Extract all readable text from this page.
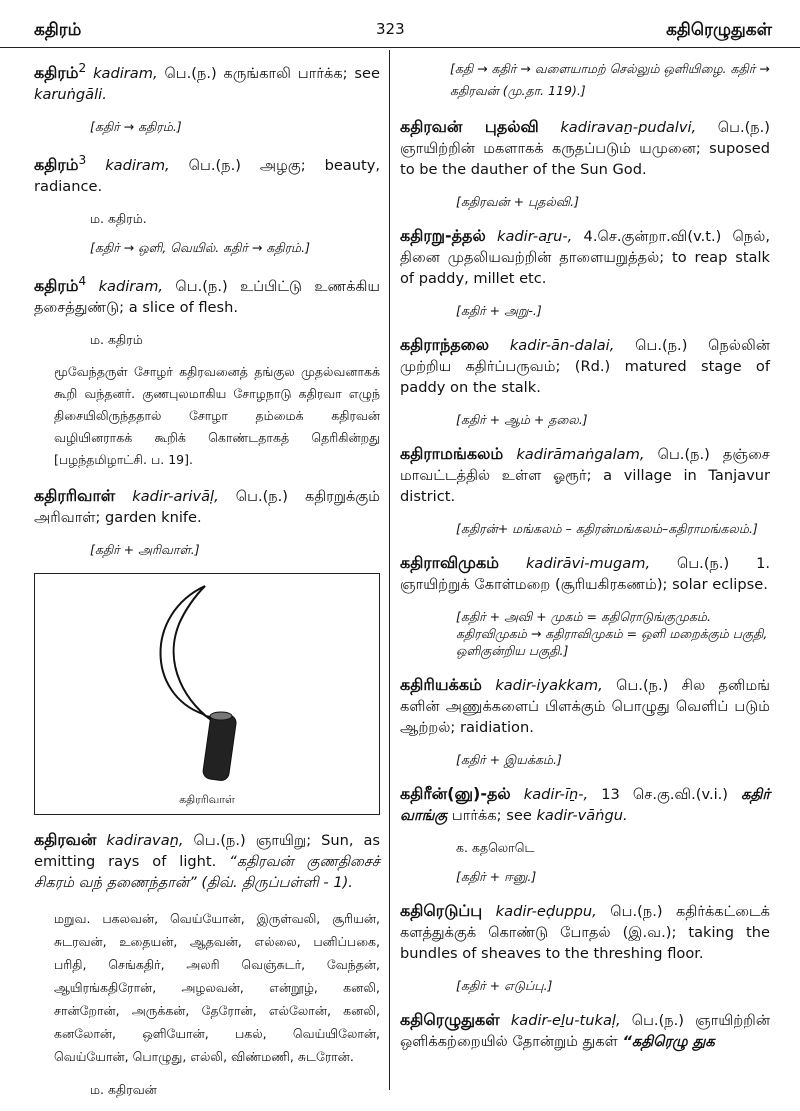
கதிரம்	323	கதிரெழுதுகள்
கதிரம்$^2$ kadiram, பெ.(ந.) கருங்காலி பார்க்க; see karuṅgāli.
[கதிர் → கதிரம்.]
கதிரம்$^3$ kadiram, பெ.(ந.) அழகு; beauty, radiance.
ம. கதிரம்.
[கதிர் → ஒளி, வெயில். கதிர் → கதிரம்.]
கதிரம்$^4$ kadiram, பெ.(ந.) உப்பிட்டு உணக்கிய தசைத்துண்டு; a slice of flesh.
ம. கதிரம்
மூவேந்தருள் சோழர் கதிரவனைத் தங்குல முதல்வனாகக் கூறி வந்தனர். குணபுலமாகிய சோழநாடு கதிரவா எழுந் திசையிலிருந்ததால் சோழா தம்மைக் கதிரவன் வழியினராகக் கூறிக் கொண்டதாகத் தெரிகின்றது [பழந்தமிழாட்சி. ப. 19].
கதிரரிவாள் kadir-arivāḷ, பெ.(ந.) கதிரறுக்கும் அரிவாள்; garden knife.
[கதிர் + அரிவாள்.]
கதிரரிவாள்
கதிரவன் kadiravaṉ, பெ.(ந.) ஞாயிறு; Sun, as emitting rays of light. “கதிரவன் குணதிசைச் சிகரம் வந் தணைந்தான்” (திவ். திருப்பள்ளி - 1).
மறுவ. பகலவன், வெய்யோன், இருள்வலி, சூரியன், சுடரவன், உதையன், ஆதவன், எல்லை, பனிப்பகை, பரிதி, செங்கதிர், அலரி வெஞ்சுடர், வேந்தன், ஆயிரங்கதிரோன், அழலவன், என்றூழ், கனலி, சான்றோன், அருக்கன், தேரோன், எல்லோன், கனலி, கனலோன், ஒளியோன், பகல், வெய்யிலோன், வெய்யோன், பொழுது, எல்லி, விண்மணி, சுடரோன்.
ம. கதிரவன்
[கதி → கதிர் → வளையாமற் செல்லும் ஒளியிழை. கதிர் → கதிரவன் (மு.தா. 119).]
கதிரவன் புதல்வி kadiravaṉ-pudalvi, பெ.(ந.) ஞாயிற்றின் மகளாகக் கருதப்படும் யமுனை; suposed to be the dauther of the Sun God.
[கதிரவன் + புதல்வி.]
கதிரறு-த்தல் kadir-aṟu-, 4.செ.குன்றா.வி(v.t.) நெல், தினை முதலியவற்றின் தாளையறுத்தல்; to reap stalk of paddy, millet etc.
[கதிர் + அறு-.]
கதிராந்தலை kadir-ān-dalai, பெ.(ந.) நெல்லின் முற்றிய கதிர்ப்பருவம்; (Rd.) matured stage of paddy on the stalk.
[கதிர் + ஆம் + தலை.]
கதிராமங்கலம் kadirāmaṅgalam, பெ.(ந.) தஞ்சை மாவட்டத்தில் உள்ள ஓரூர்; a village in Tanjavur district.
[கதிரன்+ மங்கலம் – கதிரன்மங்கலம்–கதிராமங்கலம்.]
கதிராவிமுகம் kadirāvi-mugam, பெ.(ந.) 1. ஞாயிற்றுக் கோள்மறை (சூரியகிரகணம்); solar eclipse.
[கதிர் + அவி + முகம் = கதிரொடுங்குமுகம். கதிரவிமுகம் → கதிராவிமுகம் = ஒளி மறைக்கும் பகுதி, ஒளிகுன்றிய பகுதி.]
கதிரியக்கம் kadir-iyakkam, பெ.(ந.) சில தனிமங் களின் அணுக்களைப் பிளக்கும் பொழுது வெளிப் படும் ஆற்றல்; raidiation.
[கதிர் + இயக்கம்.]
கதிரீன்(னு)-தல் kadir-īṉ-, 13 செ.கு.வி.(v.i.) கதிர் வாங்கு பார்க்க; see kadir-vāṅgu.
க. கதலொடெ
[கதிர் + ஈனு.]
கதிரெடுப்பு kadir-eḍuppu, பெ.(ந.) கதிர்க்கட்டைக் களத்துக்குக் கொண்டு போதல் (இ.வ.); taking the bundles of sheaves to the threshing floor.
[கதிர் + எடுப்பு.]
கதிரெழுதுகள் kadir-eḻu-tukaḷ, பெ.(ந.) ஞாயிற்றின் ஒளிக்கற்றையில் தோன்றும் துகள் “கதிரெழு துக
